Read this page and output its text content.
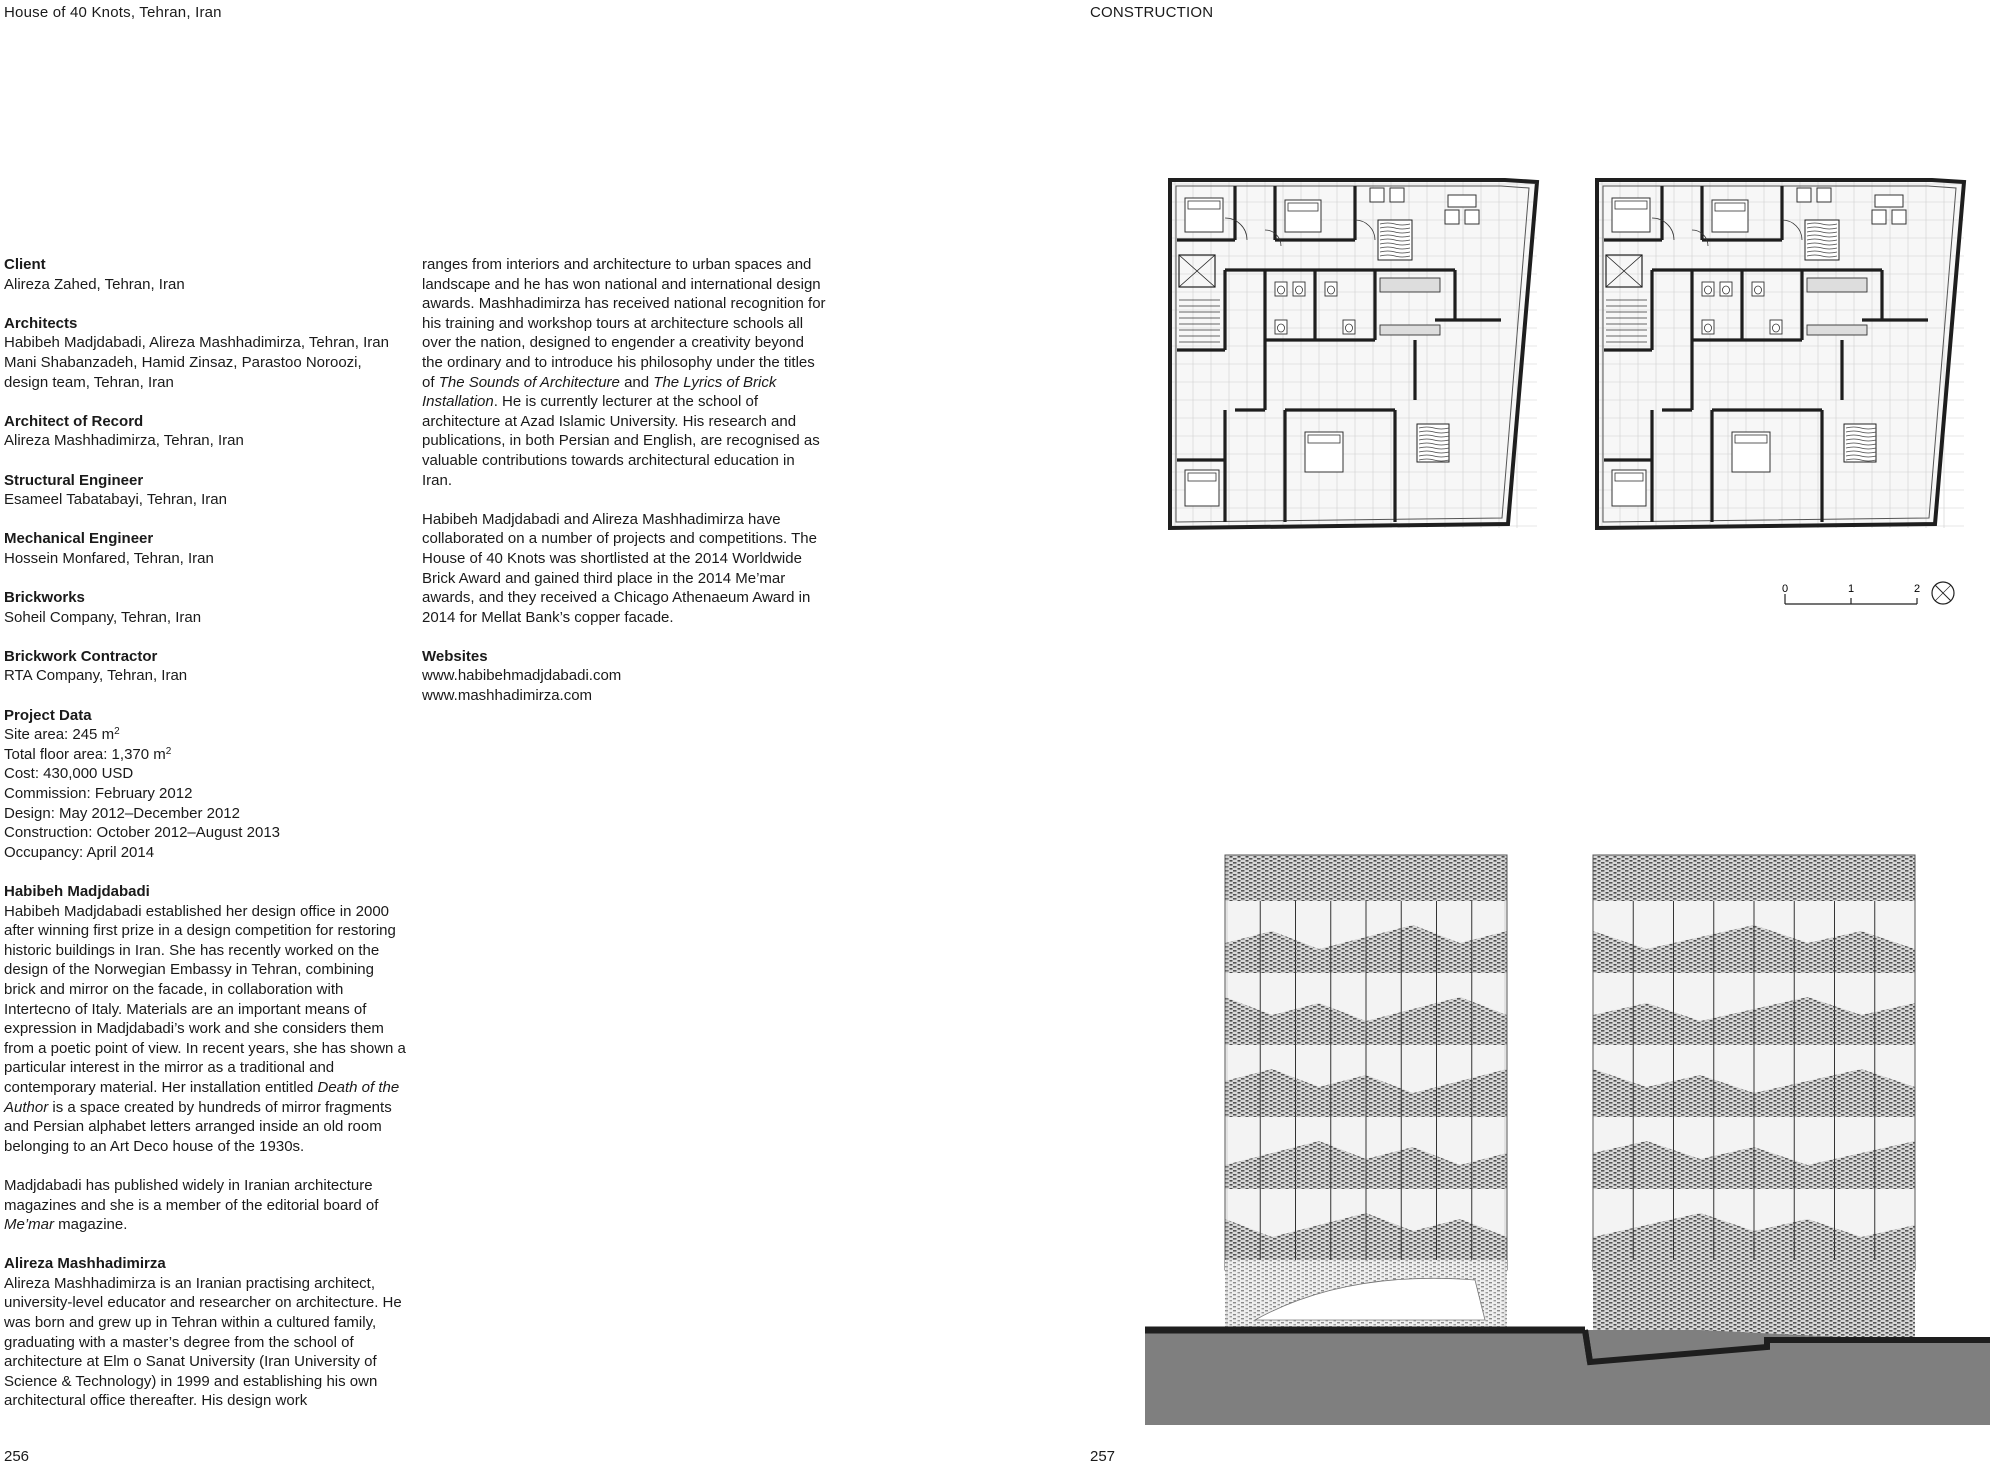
House of 40 Knots, Tehran, Iran	CONSTRUCTION
Client
Alireza Zahed, Tehran, Iran
Architects
Habibeh Madjdabadi, Alireza Mashhadimirza, Tehran, Iran
Mani Shabanzadeh, Hamid Zinsaz, Parastoo Noroozi,
design team, Tehran, Iran
Architect of Record
Alireza Mashhadimirza, Tehran, Iran
Structural Engineer
Esameel Tabatabayi, Tehran, Iran
Mechanical Engineer
Hossein Monfared, Tehran, Iran
Brickworks
Soheil Company, Tehran, Iran
Brickwork Contractor
RTA Company, Tehran, Iran
Project Data
Site area: 245 $m^2$
Total floor area: 1,370 $m^2$
Cost: 430,000 USD
Commission: February 2012
Design: May 2012–December 2012
Construction: October 2012–August 2013
Occupancy: April 2014
Habibeh Madjdabadi

Habibeh Madjdabadi established her design office in 2000 after winning first prize in a design competition for restoring historic buildings in Iran. She has recently worked on the design of the Norwegian Embassy in Tehran, combining brick and mirror on the facade, in collaboration with Intertecno of Italy. Materials are an important means of expression in Madjdabadi’s work and she considers them from a poetic point of view. In recent years, she has shown a particular interest in the mirror as a traditional and contemporary material. Her installation entitled Death of the Author is a space created by hundreds of mirror fragments and Persian alphabet letters arranged inside an old room belonging to an Art Deco house of the 1930s.

Madjdabadi has published widely in Iranian architecture magazines and she is a member of the editorial board of Me’mar magazine.

Alireza Mashhadimirza

Alireza Mashhadimirza is an Iranian practising architect, university-level educator and researcher on architecture. He was born and grew up in Tehran within a cultured family, graduating with a master’s degree from the school of architecture at Elm o Sanat University (Iran University of Science & Technology) in 1999 and establishing his own architectural office thereafter. His design work

ranges from interiors and architecture to urban spaces and landscape and he has won national and international design awards. Mashhadimirza has received national recognition for his training and workshop tours at architecture schools all over the nation, designed to engender a creativity beyond the ordinary and to introduce his philosophy under the titles of The Sounds of Architecture and The Lyrics of Brick Installation. He is currently lecturer at the school of architecture at Azad Islamic University. His research and publications, in both Persian and English, are recognised as valuable contributions towards architectural education in Iran.

Habibeh Madjdabadi and Alireza Mashhadimirza have collaborated on a number of projects and competitions. The House of 40 Knots was shortlisted at the 2014 Worldwide Brick Award and gained third place in the 2014 Me’mar awards, and they received a Chicago Athenaeum Award in 2014 for Mellat Bank’s copper facade.

Websites
www.habibehmadjdabadi.com
www.mashhadimirza.com
0	1	2
256	257
